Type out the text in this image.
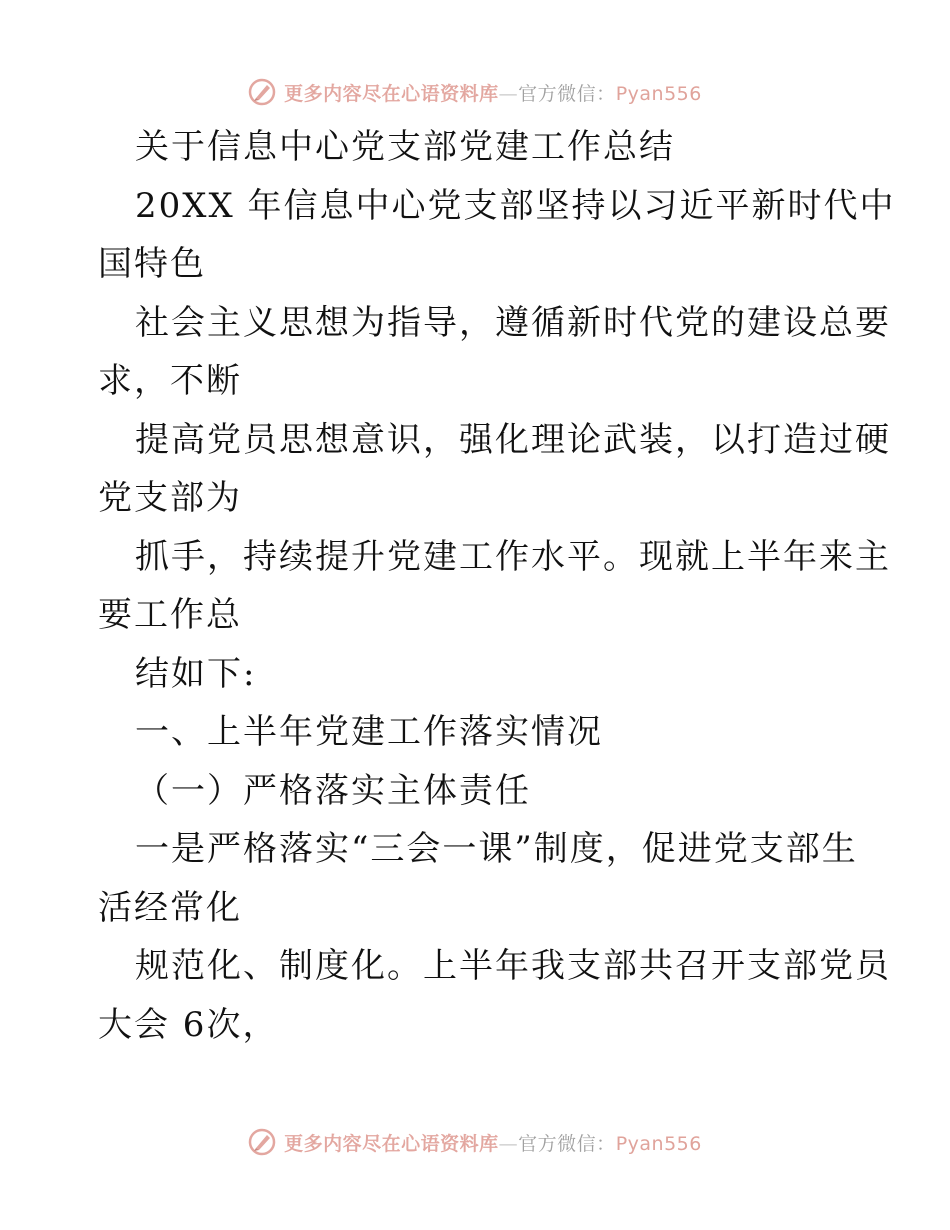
更多内容尽在心语资料库—官方微信：Pyan556
关于信息中心党支部党建工作总结
20XX 年信息中心党支部坚持以习近平新时代中
国特色
社会主义思想为指导，遵循新时代党的建设总要
求，不断
提高党员思想意识，强化理论武装，以打造过硬
党支部为
抓手，持续提升党建工作水平。现就上半年来主
要工作总
结如下:
一、上半年党建工作落实情况
（一）严格落实主体责任
一是严格落实“三会一课”制度，促进党支部生
活经常化
规范化、制度化。上半年我支部共召开支部党员
大会 6次，
更多内容尽在心语资料库—官方微信：Pyan556
